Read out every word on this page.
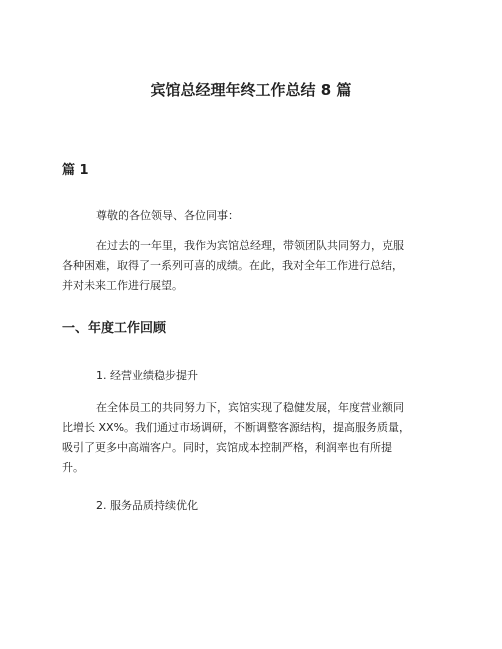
宾馆总经理年终工作总结 8 篇
篇 1
尊敬的各位领导、各位同事：
在过去的一年里，我作为宾馆总经理，带领团队共同努力，克服
各种困难，取得了一系列可喜的成绩。在此，我对全年工作进行总结，
并对未来工作进行展望。
一、年度工作回顾
1. 经营业绩稳步提升
在全体员工的共同努力下，宾馆实现了稳健发展，年度营业额同
比增长 XX%。我们通过市场调研，不断调整客源结构，提高服务质量，
吸引了更多中高端客户。同时，宾馆成本控制严格，利润率也有所提
升。
2. 服务品质持续优化
